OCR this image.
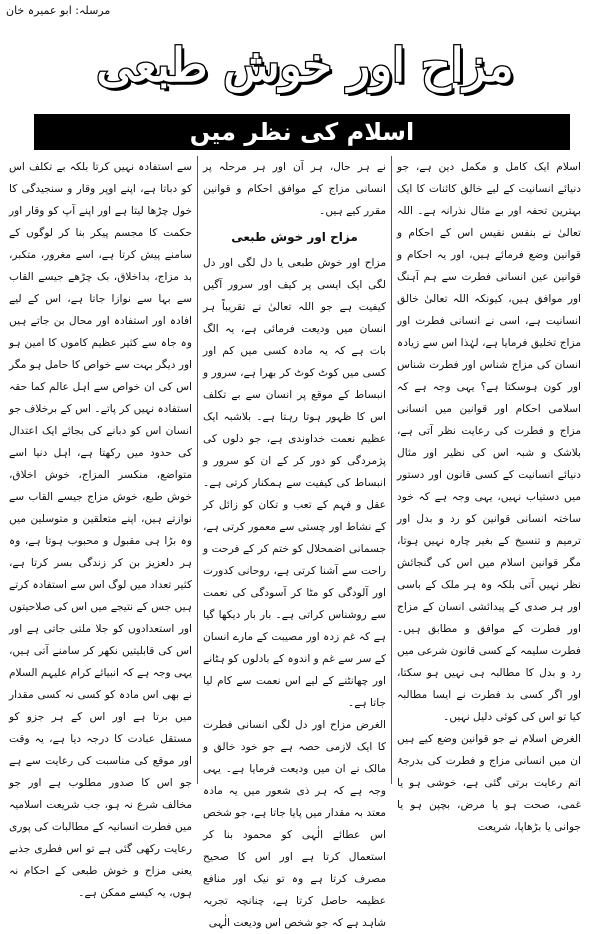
مرسلہ: ابو عمیرہ خان
مزاح اور خوش طبعی
اسلام کی نظر میں

اسلام ایک کامل و مکمل دین ہے، جو دنیائے انسانیت کے لیے خالق کائنات کا ایک بہترین تحفہ اور بے مثال نذرانہ ہے۔ اللہ تعالیٰ نے بنفس نفیس اس کے احکام و قوانین وضع فرمائے ہیں، اور یہ احکام و قوانین عین انسانی فطرت سے ہم آہنگ اور موافق ہیں، کیونکہ اللہ تعالیٰ خالق انسانیت ہے، اسی نے انسانی فطرت اور مزاج تخلیق فرمایا ہے، لہٰذا اس سے زیادہ انسان کی مزاج شناس اور فطرت شناس اور کون ہوسکتا ہے؟ یہی وجہ ہے کہ اسلامی احکام اور قوانین میں انسانی مزاج و فطرت کی رعایت نظر آتی ہے، بلاشک و شبہ اس کی نظیر اور مثال دنیائے انسانیت کے کسی قانون اور دستور میں دستیاب نہیں، یہی وجہ ہے کہ خود ساختہ انسانی قوانین کو رد و بدل اور ترمیم و تنسیخ کے بغیر چارہ نہیں ہوتا، مگر قوانین اسلام میں اس کی گنجائش نظر نہیں آتی بلکہ وہ ہر ملک کے باسی اور ہر صدی کے پیدائشی انسان کے مزاج اور فطرت کے موافق و مطابق ہیں۔ فطرت سلیمہ کے کسی قانون شرعی میں رد و بدل کا مطالبہ ہی نہیں ہو سکتا، اور اگر کسی بد فطرت نے ایسا مطالبہ کیا تو اس کی کوئی دلیل نہیں۔

الغرض اسلام نے جو قوانین وضع کیے ہیں ان میں انسانی مزاج و فطرت کی بدرجۂ اتم رعایت برتی گئی ہے، خوشی ہو یا غمی، صحت ہو یا مرض، بچپن ہو یا جوانی یا بڑھاپا، شریعت

نے ہر حال، ہر آن اور ہر مرحلہ پر انسانی مزاج کے موافق احکام و قوانین مقرر کیے ہیں۔

مزاح اور خوش طبعی

مزاح اور خوش طبعی یا دل لگی اور دل لگی ایک ایسی پر کیف اور سرور آگیں کیفیت ہے جو اللہ تعالیٰ نے تقریباً ہر انسان میں ودیعت فرمائی ہے، یہ الگ بات ہے کہ یہ مادہ کسی میں کم اور کسی میں کوٹ کوٹ کر بھرا ہے، سرور و انبساط کے موقع پر انسان سے بے تکلف اس کا ظہور ہوتا رہتا ہے۔ بلاشبہ ایک عظیم نعمت خداوندی ہے، جو دلوں کی پژمردگی کو دور کر کے ان کو سرور و انبساط کی کیفیت سے ہمکنار کرتی ہے۔ عقل و فہم کے تعب و تکان کو زائل کر کے نشاط اور چستی سے معمور کرتی ہے، جسمانی اضمحلال کو ختم کر کے فرحت و راحت سے آشنا کرتی ہے، روحانی کدورت اور آلودگی کو مٹا کر آسودگی کی نعمت سے روشناس کراتی ہے۔ بار بار دیکھا گیا ہے کہ غم زدہ اور مصیبت کے مارے انسان کے سر سے غم و اندوہ کے بادلوں کو ہٹانے اور چھانٹنے کے لیے اس نعمت سے کام لیا جاتا ہے۔

الغرض مزاح اور دل لگی انسانی فطرت کا ایک لازمی حصہ ہے جو خود خالق و مالک نے ان میں ودیعت فرمایا ہے۔ یہی وجہ ہے کہ ہر ذی شعور میں یہ مادہ معتد بہ مقدار میں پایا جاتا ہے، جو شخص اس عطائے الٰہی کو محمود بنا کر استعمال کرتا ہے اور اس کا صحیح مصرف کرتا ہے وہ تو نیک اور منافع عظیمہ حاصل کرتا ہے، چنانچہ تجربہ شاہد ہے کہ جو شخص اس ودیعت الٰہی

سے استفادہ نہیں کرتا بلکہ بے تکلف اس کو دباتا ہے، اپنے اوپر وقار و سنجیدگی کا خول چڑھا لیتا ہے اور اپنے آپ کو وقار اور حکمت کا مجسم پیکر بنا کر لوگوں کے سامنے پیش کرتا ہے، اسے مغرور، متکبر، بد مزاج، بداخلاق، بک چڑھے جیسے القاب سے بہا سے نوازا جاتا ہے، اس کے لیے افادہ اور استفادہ اور محال بن جاتے ہیں وہ جاہ سے کثیر عظیم کاموں کا امین ہو اور دیگر بہت سے خواص کا حامل ہو مگر اس کی ان خواص سے اہل عالم کما حقہ استفادہ نہیں کر پاتے۔ اس کے برخلاف جو انسان اس کو دبانے کی بجائے ایک اعتدال کی حدود میں رکھتا ہے، اہل دنیا اسے متواضع، منکسر المزاج، خوش اخلاق، خوش طبع، خوش مزاج جیسے القاب سے نوازتے ہیں، اپنے متعلقین و متوسلین میں وہ بڑا ہی مقبول و محبوب ہوتا ہے، وہ ہر دلعزیز بن کر زندگی بسر کرتا ہے، کثیر تعداد میں لوگ اس سے استفادہ کرتے ہیں جس کے نتیجے میں اس کی صلاحیتوں اور استعدادوں کو جلا ملتی جاتی ہے اور اس کی قابلیتیں نکھر کر سامنے آتی ہیں، یہی وجہ ہے کہ انبیائے کرام علیہم السلام نے بھی اس مادہ کو کسی نہ کسی مقدار میں برتا ہے اور اس کے ہر جزو کو مستقل عبادت کا درجہ دیا ہے، یہ وقت اور موقع کی مناسبت کی رعایت سے ہے جو اس کا صدور مطلوب ہے اور جو مخالف شرع نہ ہو، جب شریعت اسلامیہ میں فطرت انسانیہ کے مطالبات کی پوری رعایت رکھی گئی ہے تو اس فطری جذبے یعنی مزاح و خوش طبعی کے احکام نہ ہوں، یہ کیسے ممکن ہے۔
